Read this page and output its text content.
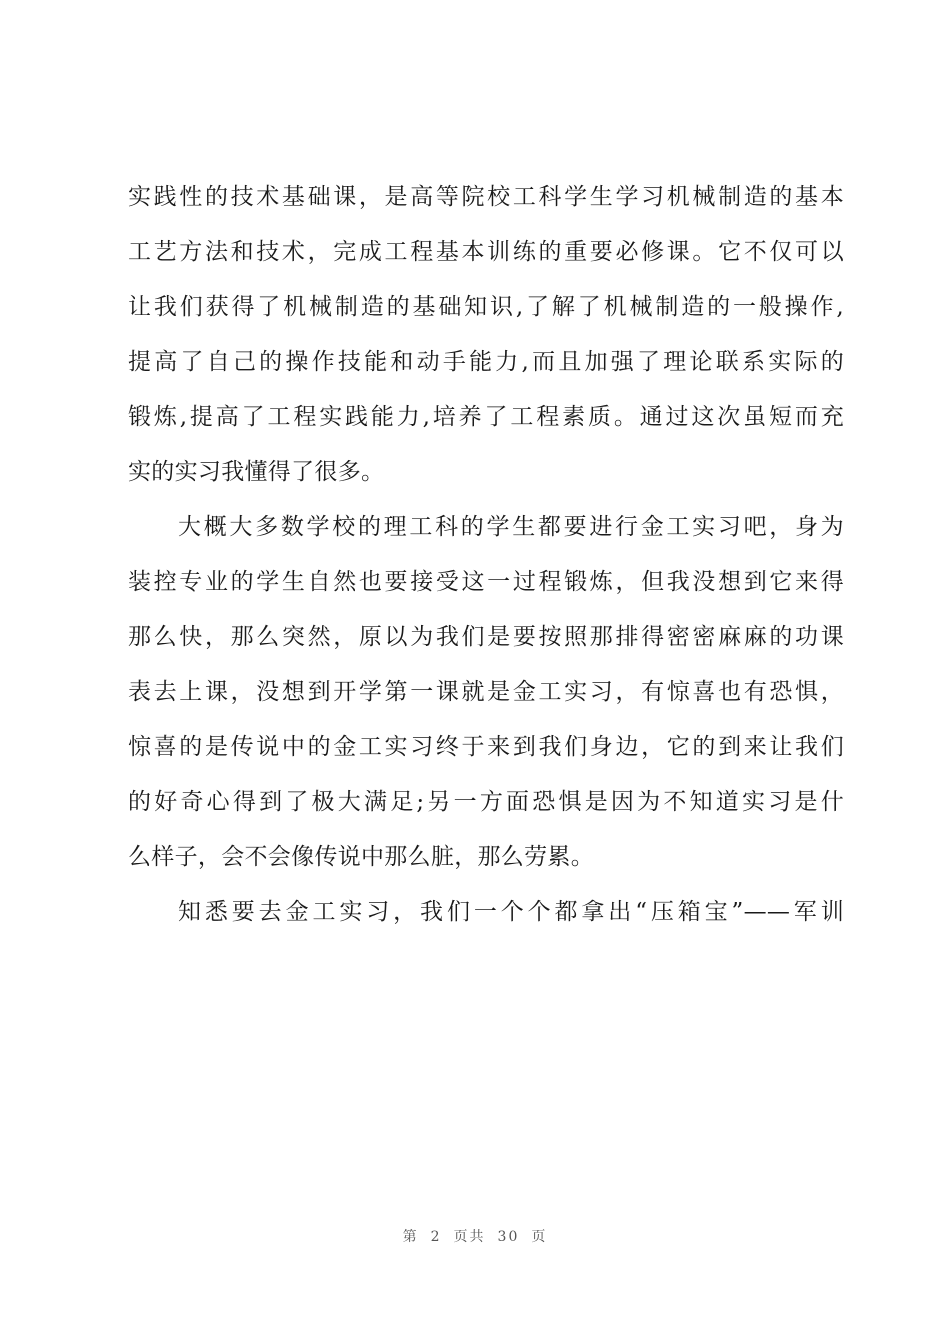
实践性的技术基础课，是高等院校工科学生学习机械制造的基本
工艺方法和技术，完成工程基本训练的重要必修课。它不仅可以
让我们获得了机械制造的基础知识,了解了机械制造的一般操作,
提高了自己的操作技能和动手能力,而且加强了理论联系实际的
锻炼,提高了工程实践能力,培养了工程素质。通过这次虽短而充
实的实习我懂得了很多。
大概大多数学校的理工科的学生都要进行金工实习吧，身为
装控专业的学生自然也要接受这一过程锻炼，但我没想到它来得
那么快，那么突然，原以为我们是要按照那排得密密麻麻的功课
表去上课，没想到开学第一课就是金工实习，有惊喜也有恐惧，
惊喜的是传说中的金工实习终于来到我们身边，它的到来让我们
的好奇心得到了极大满足;另一方面恐惧是因为不知道实习是什
么样子，会不会像传说中那么脏，那么劳累。
知悉要去金工实习，我们一个个都拿出“压箱宝”——军训
第 2 页共 30 页
